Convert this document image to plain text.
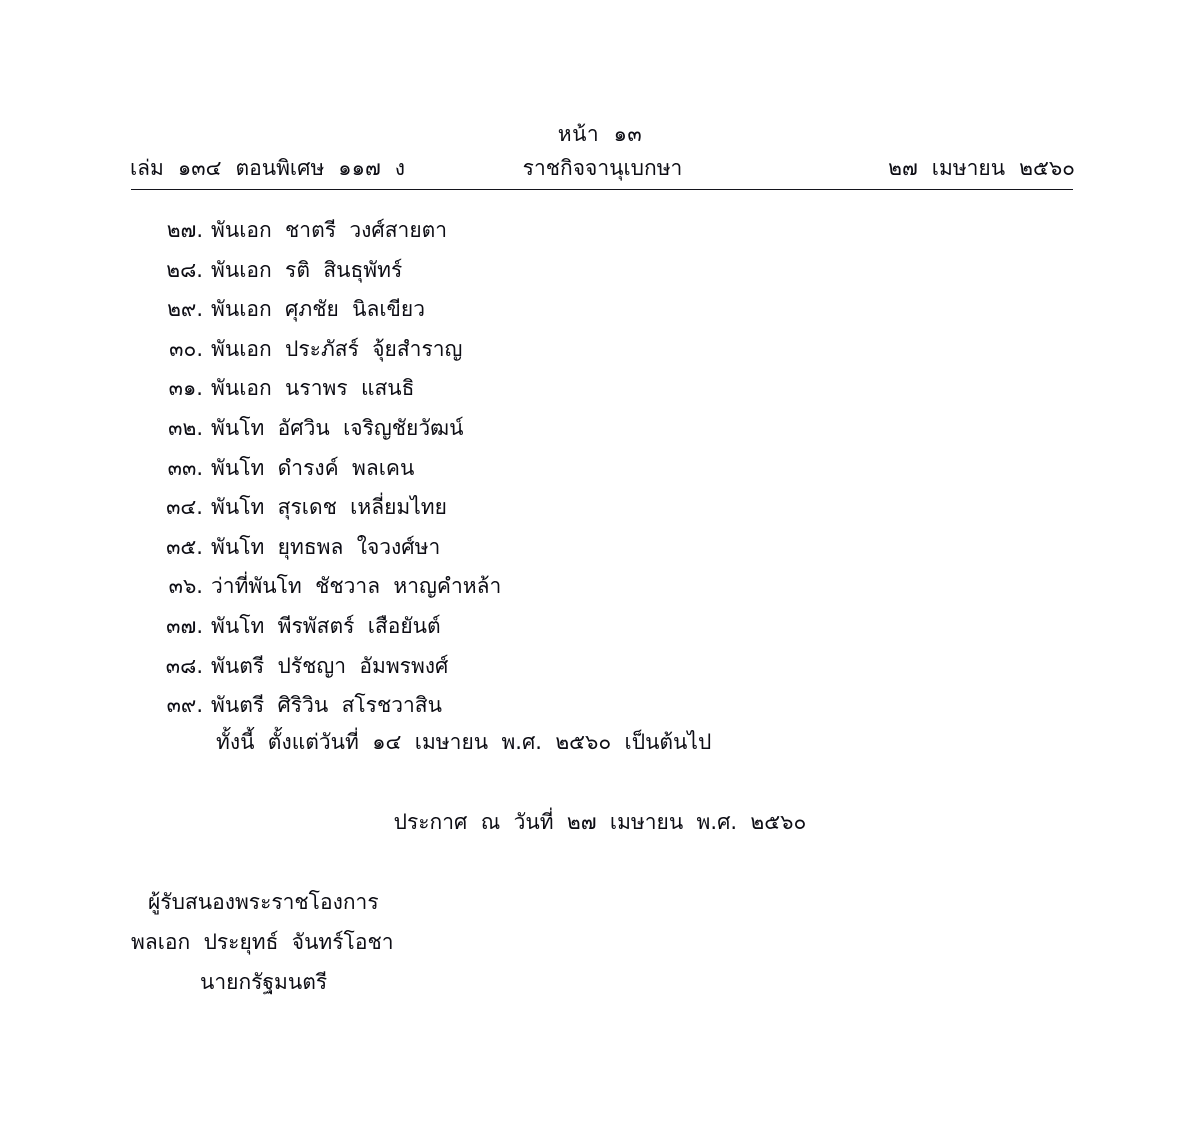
หน้า  ๑๓
ราชกิจจานุเบกษา
เล่ม ๑๓๔ ตอนพิเศษ ๑๑๗ ง	๒๗ เมษายน ๒๕๖๐
๒๗. พันเอก  ชาตรี  วงศ์สายตา
๒๘. พันเอก  รติ  สินธุพัทร์
๒๙. พันเอก  ศุภชัย  นิลเขียว
๓๐. พันเอก  ประภัสร์  จุ้ยสำราญ
๓๑. พันเอก  นราพร  แสนธิ
๓๒. พันโท  อัศวิน  เจริญชัยวัฒน์
๓๓. พันโท  ดำรงค์  พลเคน
๓๔. พันโท  สุรเดช  เหลี่ยมไทย
๓๕. พันโท  ยุทธพล  ใจวงศ์ษา
๓๖. ว่าที่พันโท  ชัชวาล  หาญคำหล้า
๓๗. พันโท  พีรพัสตร์  เสือยันต์
๓๘. พันตรี  ปรัชญา  อัมพรพงศ์
๓๙. พันตรี  ศิริวิน  สโรชวาสิน
ทั้งนี้  ตั้งแต่วันที่  ๑๔  เมษายน  พ.ศ.  ๒๕๖๐  เป็นต้นไป
ประกาศ  ณ  วันที่  ๒๗  เมษายน  พ.ศ.  ๒๕๖๐
ผู้รับสนองพระราชโองการ
พลเอก  ประยุทธ์  จันทร์โอชา
นายกรัฐมนตรี
